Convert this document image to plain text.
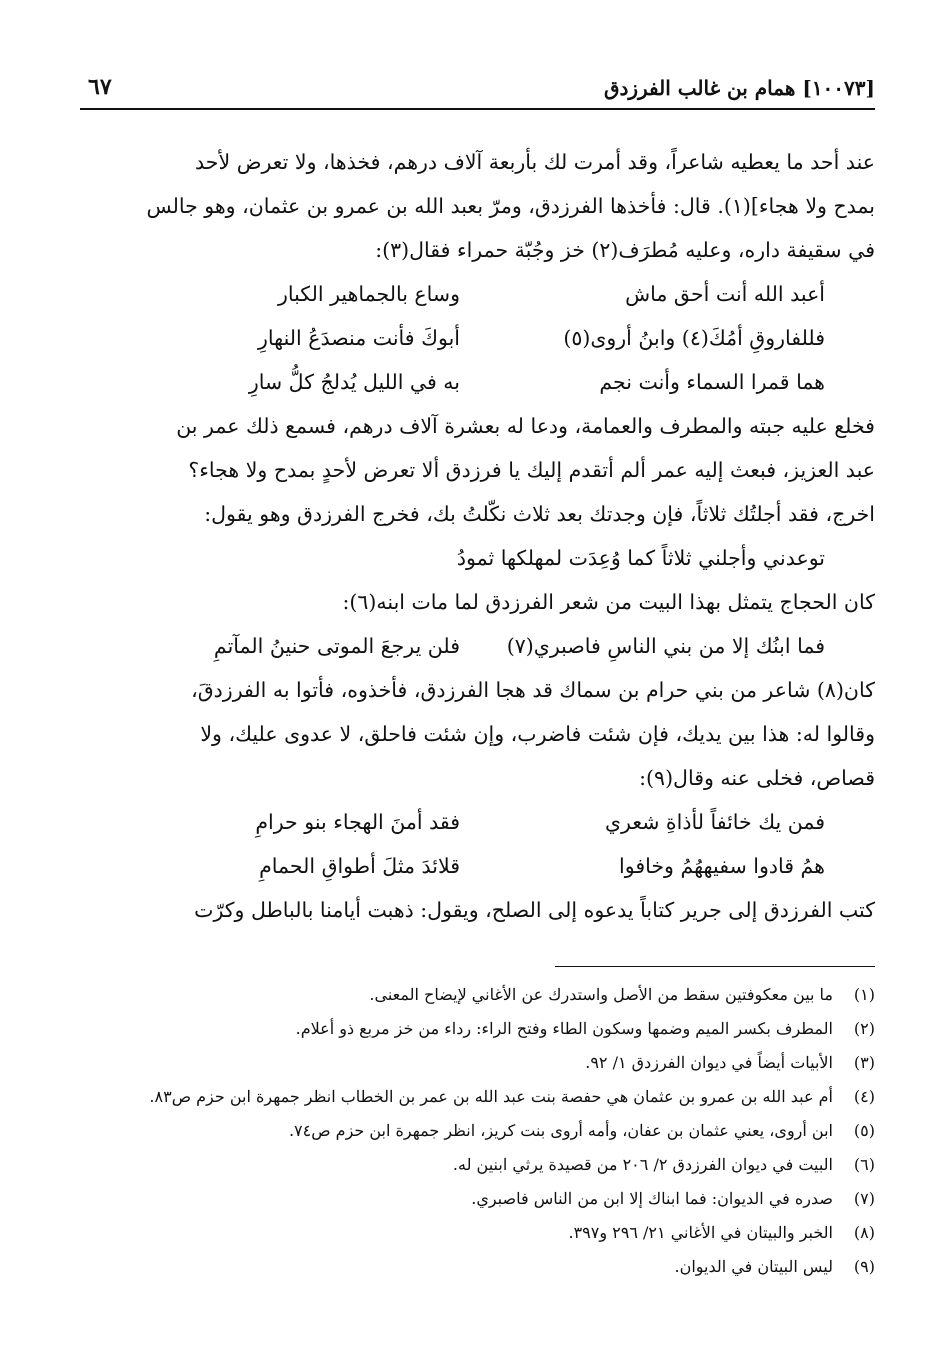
[١٠٠٧٣] همام بن غالب الفرزدق
٦٧
عند أحد ما يعطيه شاعراً، وقد أمرت لك بأربعة آلاف درهم، فخذها، ولا تعرض لأحد
بمدح ولا هجاء](١). قال: فأخذها الفرزدق، ومرّ بعبد الله بن عمرو بن عثمان، وهو جالس
في سقيفة داره، وعليه مُطرَف(٢) خز وجُبّة حمراء فقال(٣):
أعبد الله أنت أحق ماش
وساع بالجماهير الكبار
فللفاروقِ أمُكَ(٤) وابنُ أروى(٥)
أبوكَ فأنت منصدَعُ النهارِ
هما قمرا السماء وأنت نجم
به في الليل يُدلجُ كلُّ سارِ
فخلع عليه جبته والمطرف والعمامة، ودعا له بعشرة آلاف درهم، فسمع ذلك عمر بن
عبد العزيز، فبعث إليه عمر ألم أتقدم إليك يا فرزدق ألا تعرض لأحدٍ بمدح ولا هجاء؟
اخرج، فقد أجلتُك ثلاثاً، فإن وجدتك بعد ثلاث نكّلتُ بك، فخرج الفرزدق وهو يقول:
توعدني وأجلني ثلاثاً كما وُعِدَت لمهلكها ثمودُ
كان الحجاج يتمثل بهذا البيت من شعر الفرزدق لما مات ابنه(٦):
فما ابنُك إلا من بني الناسِ فاصبري(٧)
فلن يرجعَ الموتى حنينُ المآتمِ
كان(٨) شاعر من بني حرام بن سماك قد هجا الفرزدق، فأخذوه، فأتوا به الفرزدقَ،
وقالوا له: هذا بين يديك، فإن شئت فاضرب، وإن شئت فاحلق، لا عدوى عليك، ولا
قصاص، فخلى عنه وقال(٩):
فمن يك خائفاً لأذاةِ شعري
فقد أمنَ الهجاء بنو حرامِ
همُ قادوا سفيههُمُ وخافوا
قلائدَ مثلَ أطواقِ الحمامِ
كتب الفرزدق إلى جرير كتاباً يدعوه إلى الصلح، ويقول: ذهبت أيامنا بالباطل وكرّت
(١)
ما بين معكوفتين سقط من الأصل واستدرك عن الأغاني لإيضاح المعنى.
(٢)
المطرف بكسر الميم وضمها وسكون الطاء وفتح الراء: رداء من خز مربع ذو أعلام.
(٣)
الأبيات أيضاً في ديوان الفرزدق ١/ ٩٢.
(٤)
أم عبد الله بن عمرو بن عثمان هي حفصة بنت عبد الله بن عمر بن الخطاب انظر جمهرة ابن حزم ص٨٣.
(٥)
ابن أروى، يعني عثمان بن عفان، وأمه أروى بنت كريز، انظر جمهرة ابن حزم ص٧٤.
(٦)
البيت في ديوان الفرزدق ٢/ ٢٠٦ من قصيدة يرثي ابنين له.
(٧)
صدره في الديوان: فما ابناك إلا ابن من الناس فاصبري.
(٨)
الخبر والبيتان في الأغاني ٢١/ ٢٩٦ و٣٩٧.
(٩)
ليس البيتان في الديوان.
